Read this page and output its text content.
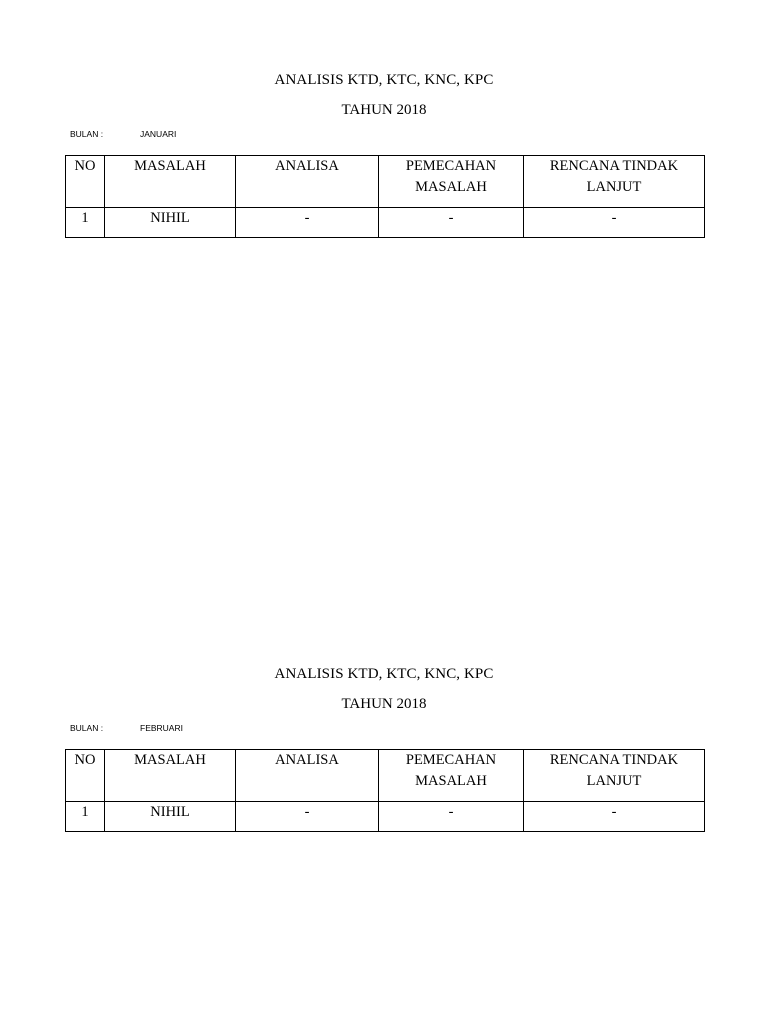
ANALISIS KTD, KTC, KNC, KPC
TAHUN 2018
BULAN :	JANUARI
NO	MASALAH	ANALISA	PEMECAHAN MASALAH	RENCANA TINDAK LANJUT
1	NIHIL	-	-	-
ANALISIS KTD, KTC, KNC, KPC
TAHUN 2018
BULAN :	FEBRUARI
NO	MASALAH	ANALISA	PEMECAHAN MASALAH	RENCANA TINDAK LANJUT
1	NIHIL	-	-	-
